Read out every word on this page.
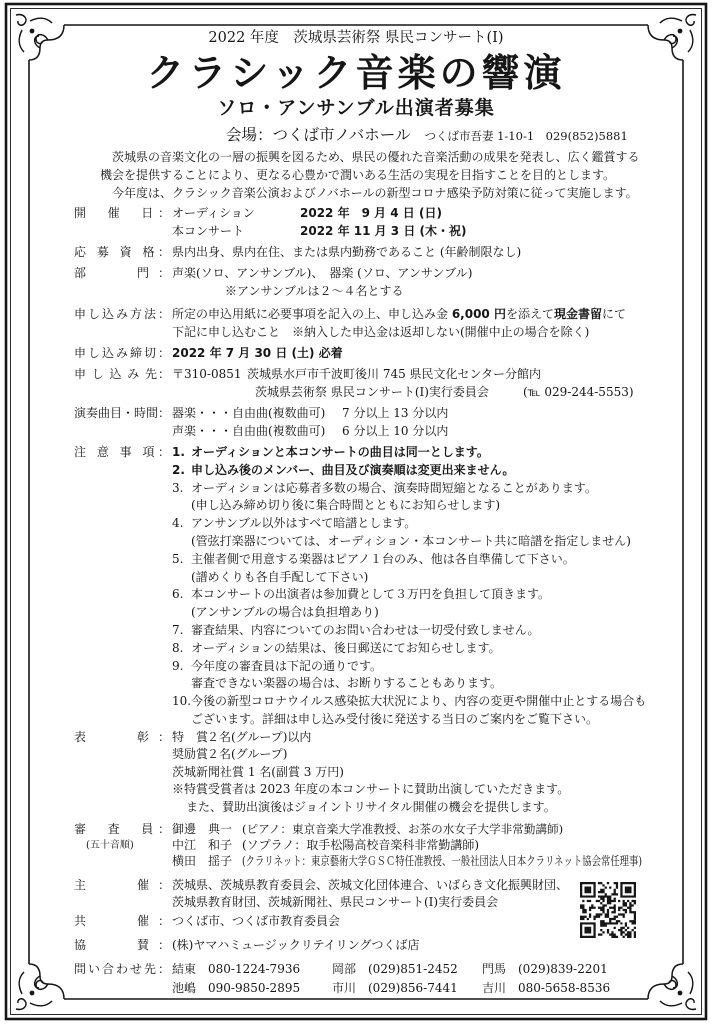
2022 年度　茨城県芸術祭 県民コンサート(Ⅰ)
クラシック音楽の響演
ソロ・アンサンブル出演者募集
会場：つくば市ノバホール つくば市吾妻 1-10-1　029(852)5881
茨城県の音楽文化の一層の振興を図るため、県民の優れた音楽活動の成果を発表し、広く鑑賞する
機会を提供することにより、更なる心豊かで潤いある生活の実現を目指すことを目的とします。
今年度は、クラシック音楽公演およびノバホールの新型コロナ感染予防対策に従って実施します。
開　催　日： オーディション	2022 年　9 月 4 日 (日)
本コンサート	2022 年 11 月 3 日 (木・祝)
応 募 資 格： 県内出身、県内在住、または県内勤務であること (年齢制限なし)
部　　門： 声楽(ソロ、アンサンブル)、　器楽 (ソロ、アンサンブル)
※アンサンブルは２～４名とする
申し込み方法： 所定の申込用紙に必要事項を記入の上、申し込み金 6,000 円を添えて現金書留にて
下記に申し込むこと　※納入した申込金は返却しない(開催中止の場合を除く)
申し込み締切： 2022 年 7 月 30 日 (土) 必着
申 し 込 み 先： 〒310-0851 茨城県水戸市千波町後川 745 県民文化センター分館内
茨城県芸術祭 県民コンサート(Ⅰ)実行委員会	(℡ 029-244-5553)
演奏曲目・時間： 器楽・・・自由曲(複数曲可) 7 分以上 13 分以内
声楽・・・自由曲(複数曲可) 6 分以上 10 分以内
注 意 事 項： 1. オーディションと本コンサートの曲目は同一とします。
2. 申し込み後のメンバー、曲目及び演奏順は変更出来ません。
3. オーディションは応募者多数の場合、演奏時間短縮となることがあります。
(申し込み締め切り後に集合時間とともにお知らせします)
4. アンサンブル以外はすべて暗譜とします。
(管弦打楽器については、オーディション・本コンサート共に暗譜を指定しません)
5. 主催者側で用意する楽器はピアノ１台のみ、他は各自準備して下さい。
(譜めくりも各自手配して下さい)
6. 本コンサートの出演者は参加費として３万円を負担して頂きます。
(アンサンブルの場合は負担増あり)
7. 審査結果、内容についてのお問い合わせは一切受付致しません。
8. オーディションの結果は、後日郵送にてお知らせします。
9. 今年度の審査員は下記の通りです。
審査できない楽器の場合は、お断りすることもあります。
10. 今後の新型コロナウイルス感染拡大状況により、内容の変更や開催中止とする場合も
ございます。詳細は申し込み受付後に発送する当日のご案内をご覧下さい。
表　　彰： 特　賞２名(グループ)以内
奨励賞２名(グループ)
茨城新聞社賞 1 名(副賞 3 万円)
※特賞受賞者は 2023 年度の本コンサートに賛助出演していただきます。
また、賛助出演後はジョイントリサイタル開催の機会を提供します。
審　査　員： 御邊　典一 (ピアノ：東京音楽大学准教授、お茶の水女子大学非常勤講師)
中江　和子 (ソプラノ：取手松陽高校音楽科非常勤講師)
横田　揺子 (クラリネット：東京藝術大学ＧＳＣ特任准教授、一般社団法人日本クラリネット協会常任理事)
(五十音順)
主　　催： 茨城県、茨城県教育委員会、茨城文化団体連合、いばらき文化振興財団、
茨城県教育財団、茨城新聞社、県民コンサート(Ⅰ)実行委員会
共　　催： つくば市、つくば市教育委員会
協　　賛： (株)ヤマハミュージックリテイリングつくば店
問い合わせ先： 結東 080-1224-7936	岡部 (029)851-2452 門馬 (029)839-2201
池嶋 090-9850-2895	市川 (029)856-7441 吉川 080-5658-8536
